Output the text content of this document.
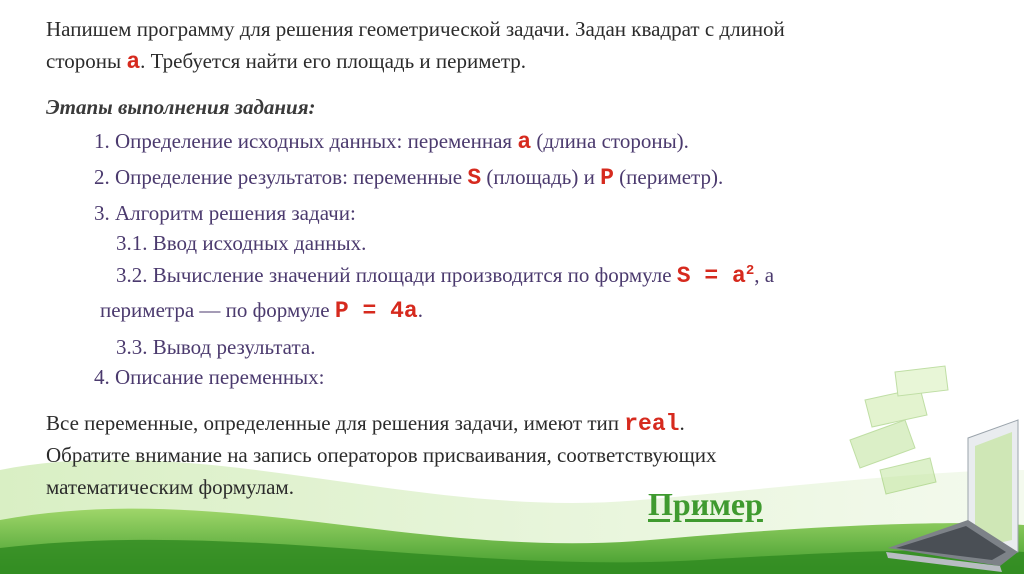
Напишем программу для решения геометрической задачи. Задан квадрат с длиной
стороны a. Требуется найти его площадь и периметр.
Этапы выполнения задания:
1. Определение исходных данных: переменная a (длина стороны).
2. Определение результатов: переменные S (площадь) и P (периметр).
3. Алгоритм решения задачи:
3.1. Ввод исходных данных.
3.2. Вычисление значений площади производится по формуле $S = a^2$, а
периметра — по формуле P = 4a.
3.3. Вывод результата.
4. Описание переменных:
Все переменные, определенные для решения задачи, имеют тип real.
Обратите внимание на запись операторов присваивания, соответствующих
математическим формулам.	Пример
